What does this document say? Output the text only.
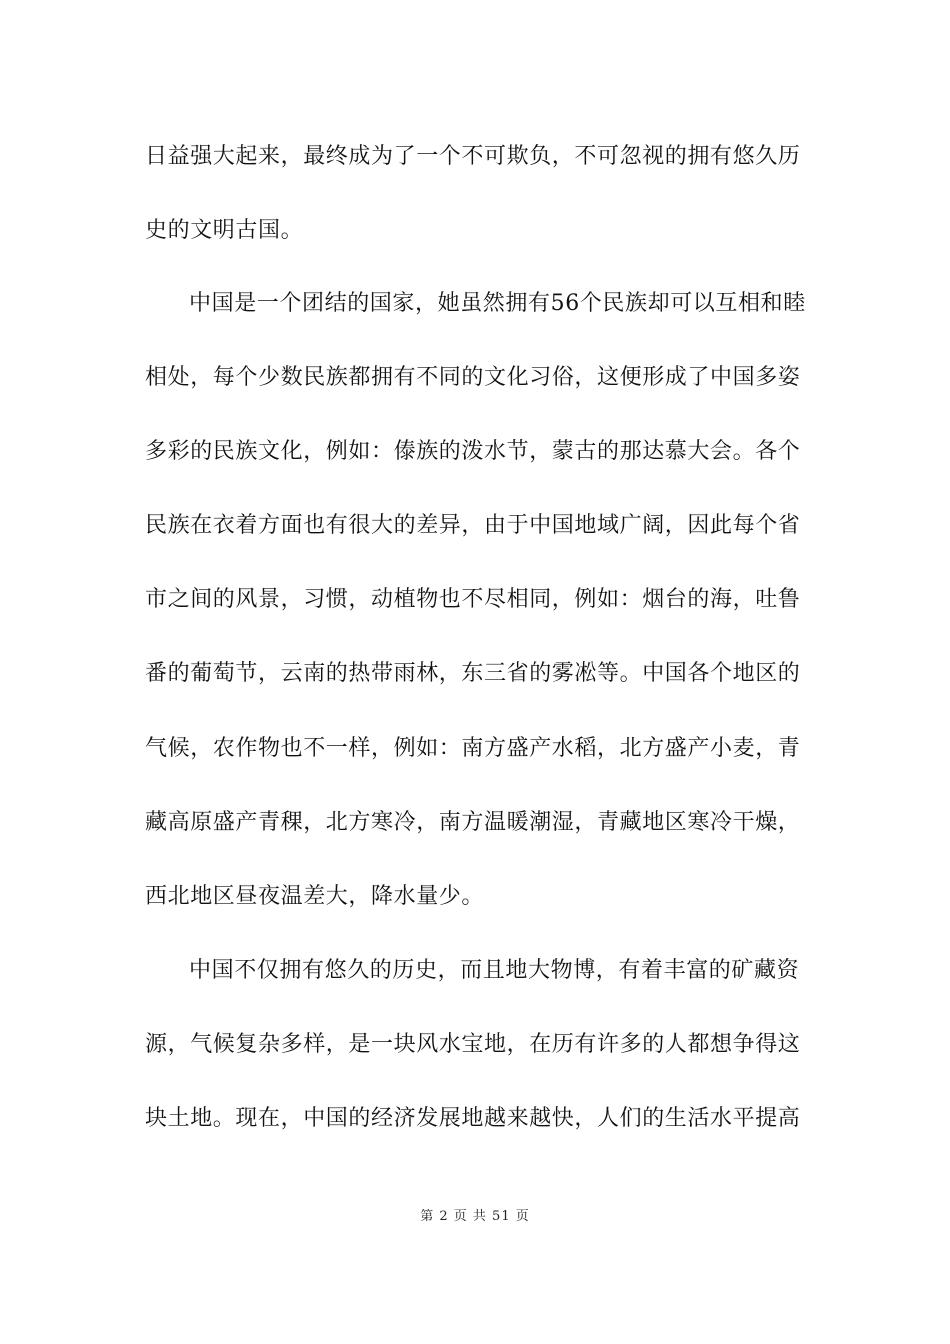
日益强大起来，最终成为了一个不可欺负，不可忽视的拥有悠久历
史的文明古国。
中国是一个团结的国家，她虽然拥有56个民族却可以互相和睦
相处，每个少数民族都拥有不同的文化习俗，这便形成了中国多姿
多彩的民族文化，例如：傣族的泼水节，蒙古的那达慕大会。各个
民族在衣着方面也有很大的差异，由于中国地域广阔，因此每个省
市之间的风景，习惯，动植物也不尽相同，例如：烟台的海，吐鲁
番的葡萄节，云南的热带雨林，东三省的雾凇等。中国各个地区的
气候，农作物也不一样，例如：南方盛产水稻，北方盛产小麦，青
藏高原盛产青稞，北方寒冷，南方温暖潮湿，青藏地区寒冷干燥，
西北地区昼夜温差大，降水量少。
中国不仅拥有悠久的历史，而且地大物博，有着丰富的矿藏资
源，气候复杂多样，是一块风水宝地，在历有许多的人都想争得这
块土地。现在，中国的经济发展地越来越快，人们的生活水平提高
第 2 页 共 51 页
